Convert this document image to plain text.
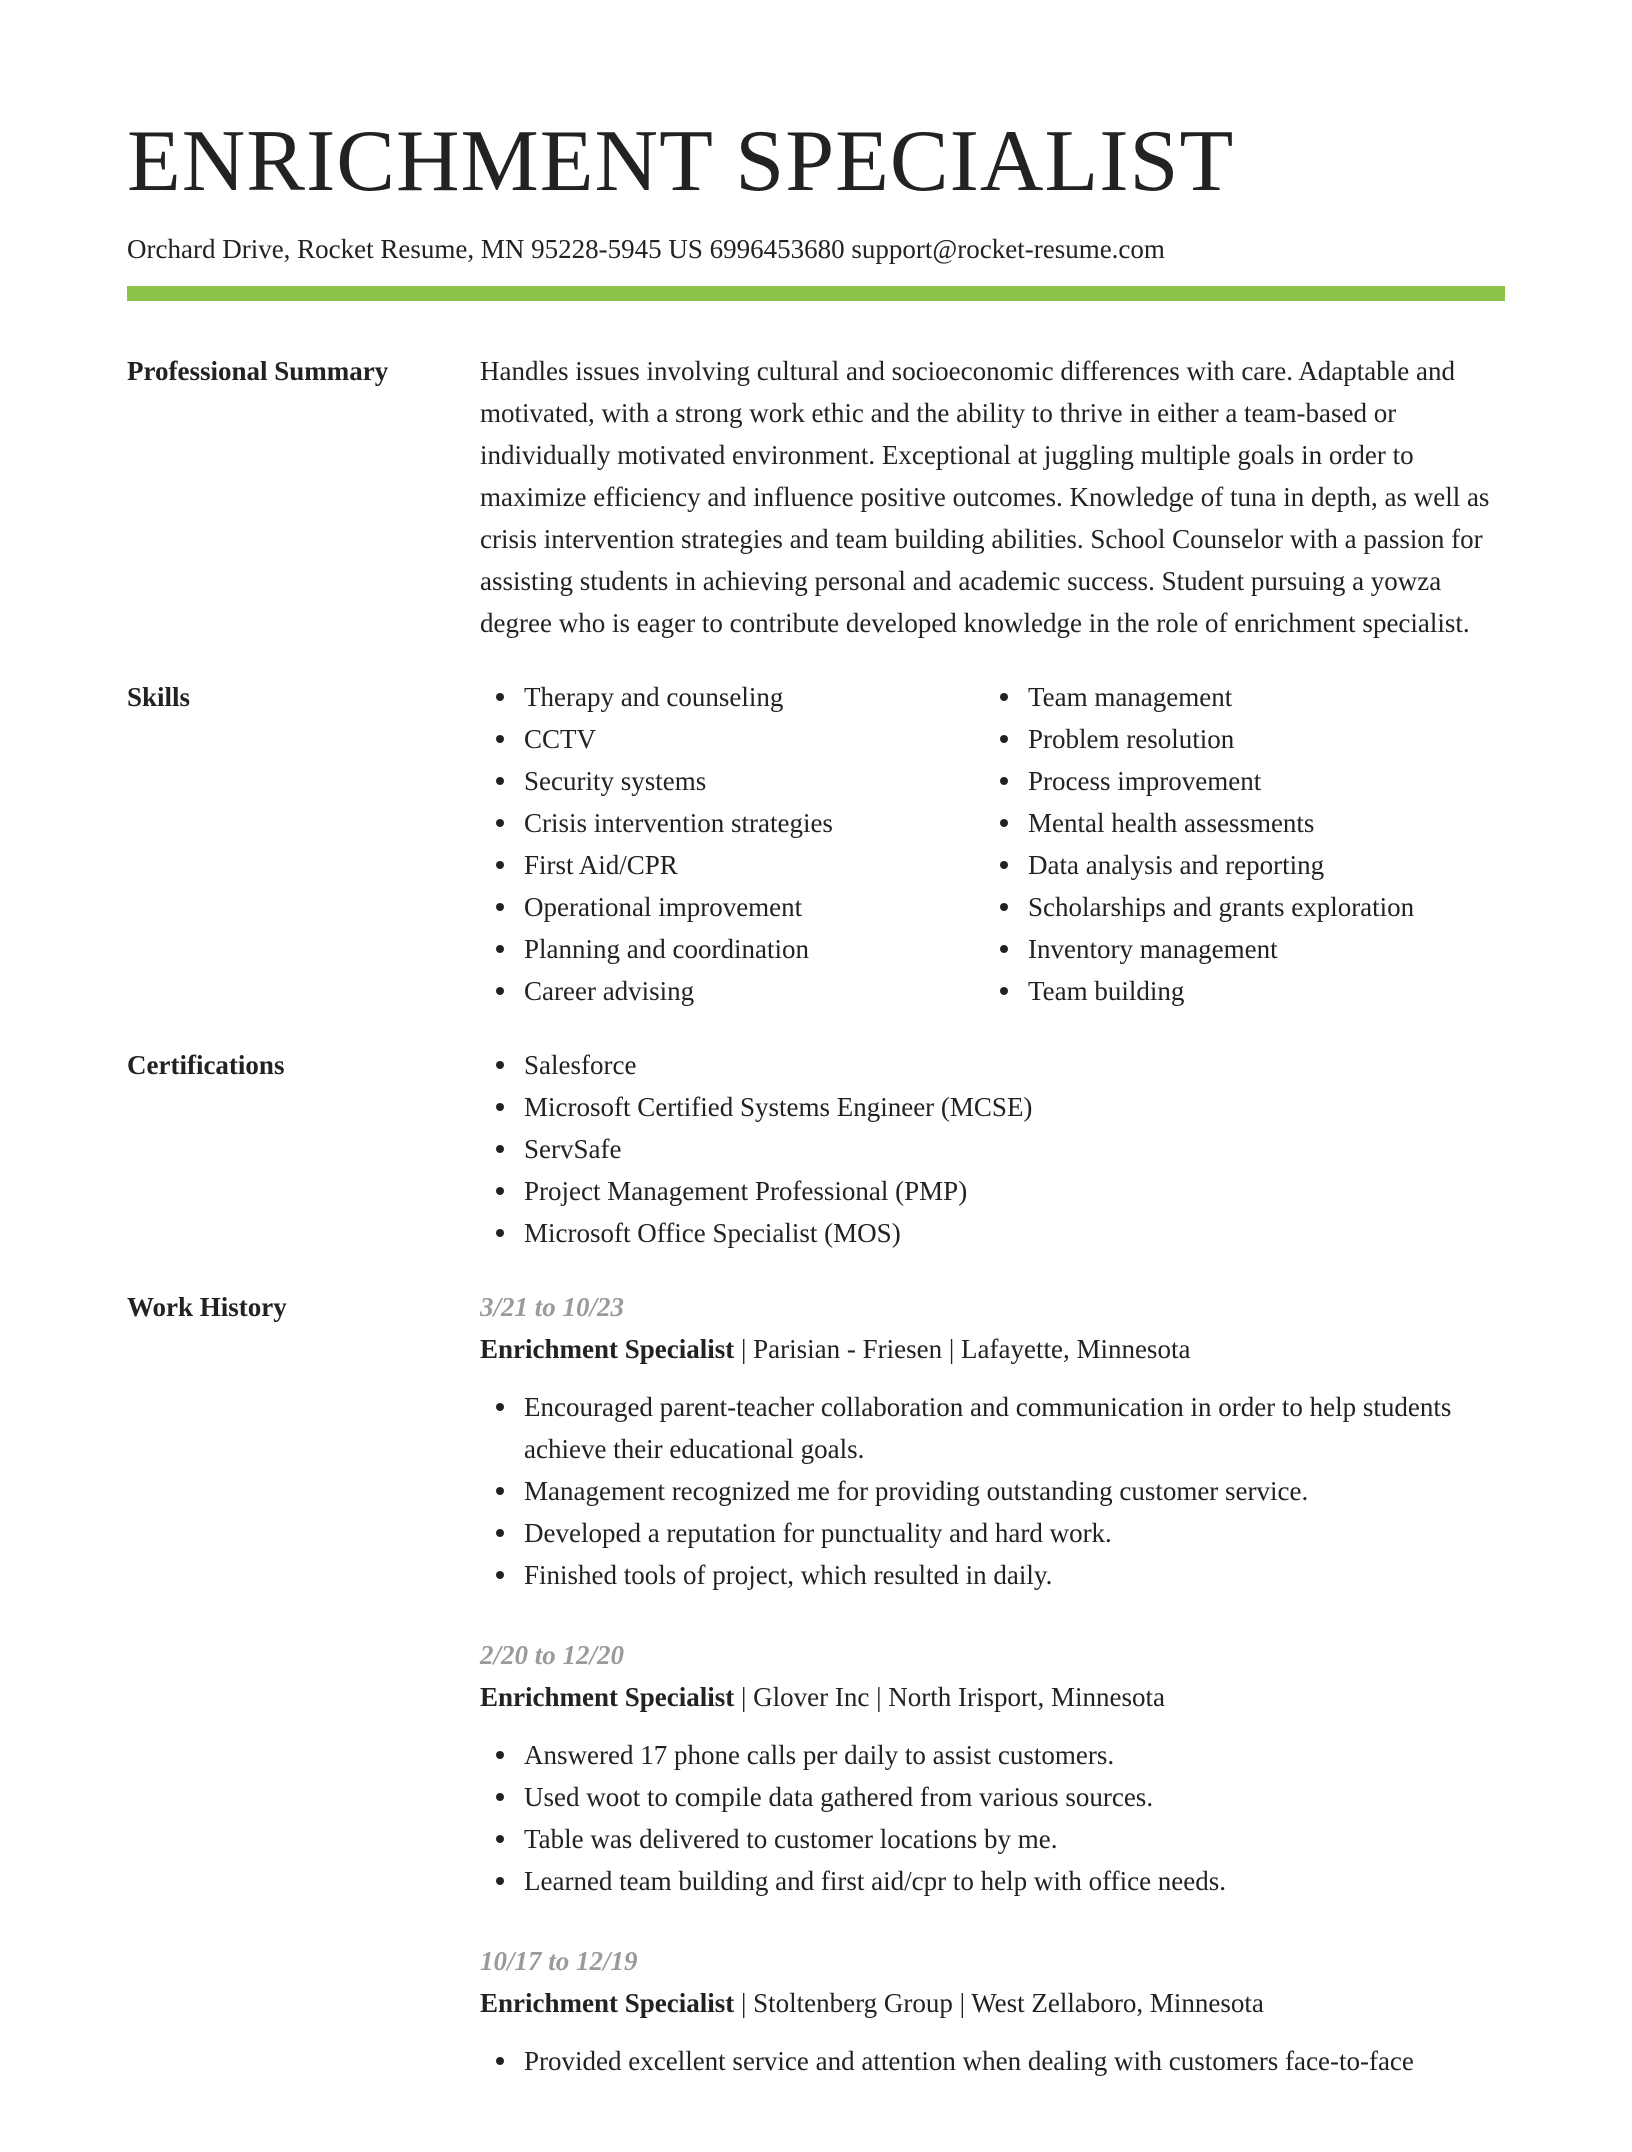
ENRICHMENT SPECIALIST
Orchard Drive, Rocket Resume, MN 95228-5945 US 6996453680 support@rocket-resume.com
Professional Summary	Handles issues involving cultural and socioeconomic differences with care. Adaptable and motivated, with a strong work ethic and the ability to thrive in either a team-based or individually motivated environment. Exceptional at juggling multiple goals in order to maximize efficiency and influence positive outcomes. Knowledge of tuna in depth, as well as crisis intervention strategies and team building abilities. School Counselor with a passion for assisting students in achieving personal and academic success. Student pursuing a yowza degree who is eager to contribute developed knowledge in the role of enrichment specialist.

Skills	Therapy and counseling
CCTV
Security systems
Crisis intervention strategies
First Aid/CPR
Operational improvement
Planning and coordination
Career advising
Team management
Problem resolution
Process improvement
Mental health assessments
Data analysis and reporting
Scholarships and grants exploration
Inventory management
Team building
Certifications	Salesforce
Microsoft Certified Systems Engineer (MCSE)
ServSafe
Project Management Professional (PMP)
Microsoft Office Specialist (MOS)
Work History	3/21 to 10/23
Enrichment Specialist | Parisian - Friesen | Lafayette, Minnesota
Encouraged parent-teacher collaboration and communication in order to help students achieve their educational goals.
Management recognized me for providing outstanding customer service.
Developed a reputation for punctuality and hard work.
Finished tools of project, which resulted in daily.
2/20 to 12/20
Enrichment Specialist | Glover Inc | North Irisport, Minnesota
Answered 17 phone calls per daily to assist customers.
Used woot to compile data gathered from various sources.
Table was delivered to customer locations by me.
Learned team building and first aid/cpr to help with office needs.
10/17 to 12/19
Enrichment Specialist | Stoltenberg Group | West Zellaboro, Minnesota
Provided excellent service and attention when dealing with customers face-to-face
